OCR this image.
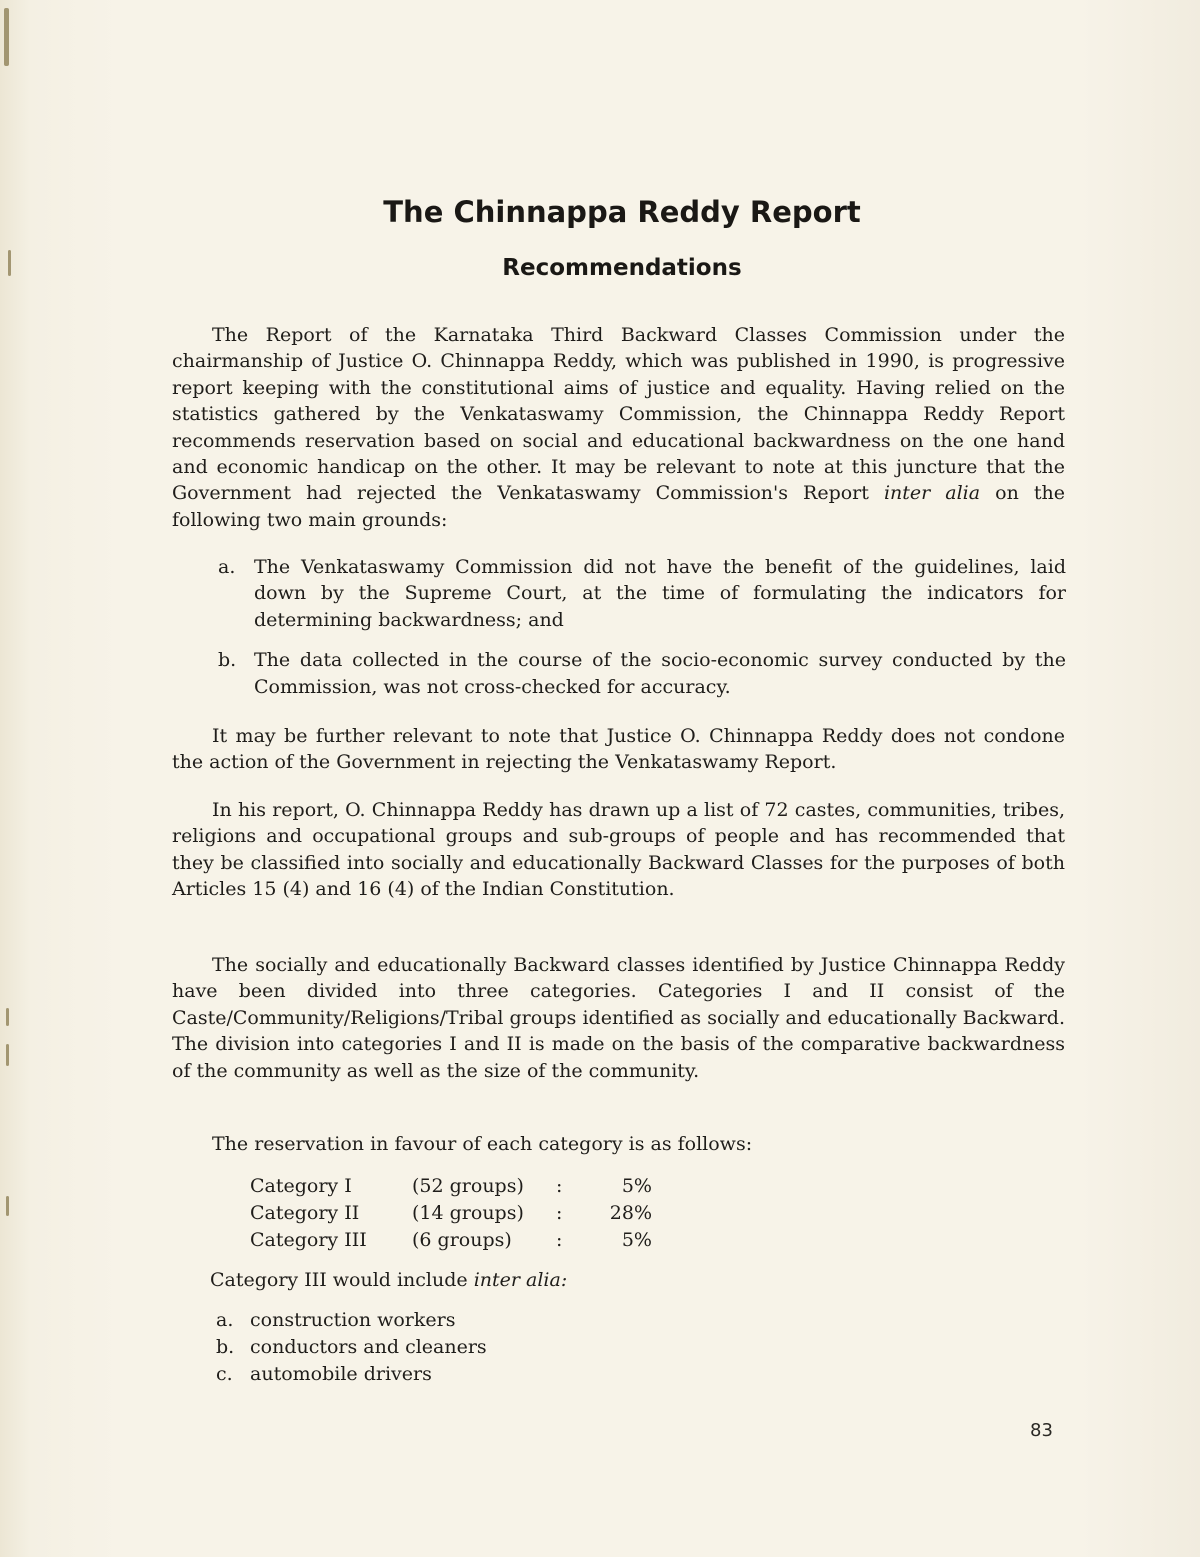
The Chinnappa Reddy Report
Recommendations

The Report of the Karnataka Third Backward Classes Commission under the chairmanship of Justice O. Chinnappa Reddy, which was published in 1990, is progressive report keeping with the constitutional aims of justice and equality. Having relied on the statistics gathered by the Venkataswamy Commission, the Chinnappa Reddy Report recommends reservation based on social and educational backwardness on the one hand and economic handicap on the other. It may be relevant to note at this juncture that the Government had rejected the Venkataswamy Commission's Report inter alia on the following two main grounds:

a. The Venkataswamy Commission did not have the benefit of the guidelines, laid down by the Supreme Court, at the time of formulating the indicators for determining backwardness; and
b. The data collected in the course of the socio-economic survey conducted by the Commission, was not cross-checked for accuracy.

It may be further relevant to note that Justice O. Chinnappa Reddy does not condone the action of the Government in rejecting the Venkataswamy Report.

In his report, O. Chinnappa Reddy has drawn up a list of 72 castes, communities, tribes, religions and occupational groups and sub-groups of people and has recommended that they be classified into socially and educationally Backward Classes for the purposes of both Articles 15 (4) and 16 (4) of the Indian Constitution.

The socially and educationally Backward classes identified by Justice Chinnappa Reddy have been divided into three categories. Categories I and II consist of the Caste/Community/Religions/Tribal groups identified as socially and educationally Backward. The division into categories I and II is made on the basis of the comparative backwardness of the community as well as the size of the community.

The reservation in favour of each category is as follows:

Category I	(52 groups)	:	5%
Category II	(14 groups)	:	28%
Category III	(6 groups)	:	5%

Category III would include inter alia:

a. construction workers
b. conductors and cleaners
c. automobile drivers
83
